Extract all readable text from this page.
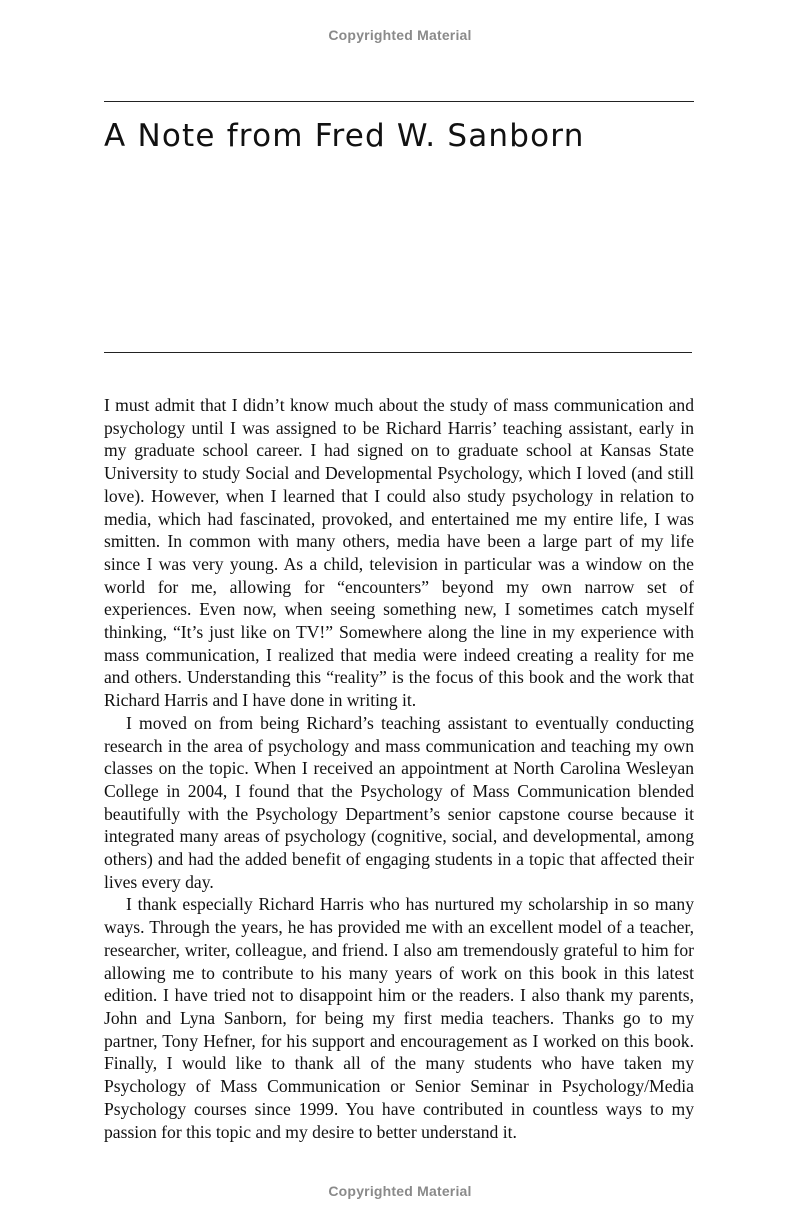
Copyrighted Material
A Note from Fred W. Sanborn

I must admit that I didn’t know much about the study of mass communication and psychology until I was assigned to be Richard Harris’ teaching assistant, early in my graduate school career. I had signed on to graduate school at Kansas State University to study Social and Developmental Psychology, which I loved (and still love). However, when I learned that I could also study psychology in relation to media, which had fascinated, provoked, and entertained me my entire life, I was smitten. In common with many others, media have been a large part of my life since I was very young. As a child, television in particular was a window on the world for me, allowing for “encounters” beyond my own narrow set of experiences. Even now, when seeing something new, I sometimes catch myself thinking, “It’s just like on TV!” Somewhere along the line in my experience with mass communication, I realized that media were indeed creating a reality for me and others. Understanding this “reality” is the focus of this book and the work that Richard Harris and I have done in writing it.

I moved on from being Richard’s teaching assistant to eventually conducting research in the area of psychology and mass communication and teaching my own classes on the topic. When I received an appointment at North Carolina Wesleyan College in 2004, I found that the Psychology of Mass Communication blended beautifully with the Psychology Department’s senior capstone course because it integrated many areas of psychology (cognitive, social, and developmental, among others) and had the added benefit of engaging students in a topic that affected their lives every day.

I thank especially Richard Harris who has nurtured my scholarship in so many ways. Through the years, he has provided me with an excellent model of a teacher, researcher, writer, colleague, and friend. I also am tremendously grateful to him for allowing me to contribute to his many years of work on this book in this latest edition. I have tried not to disappoint him or the readers. I also thank my parents, John and Lyna Sanborn, for being my first media teachers. Thanks go to my partner, Tony Hefner, for his support and encouragement as I worked on this book. Finally, I would like to thank all of the many students who have taken my Psychology of Mass Communication or Senior Seminar in Psychology/Media Psychology courses since 1999. You have contributed in countless ways to my passion for this topic and my desire to better understand it.

Copyrighted Material
